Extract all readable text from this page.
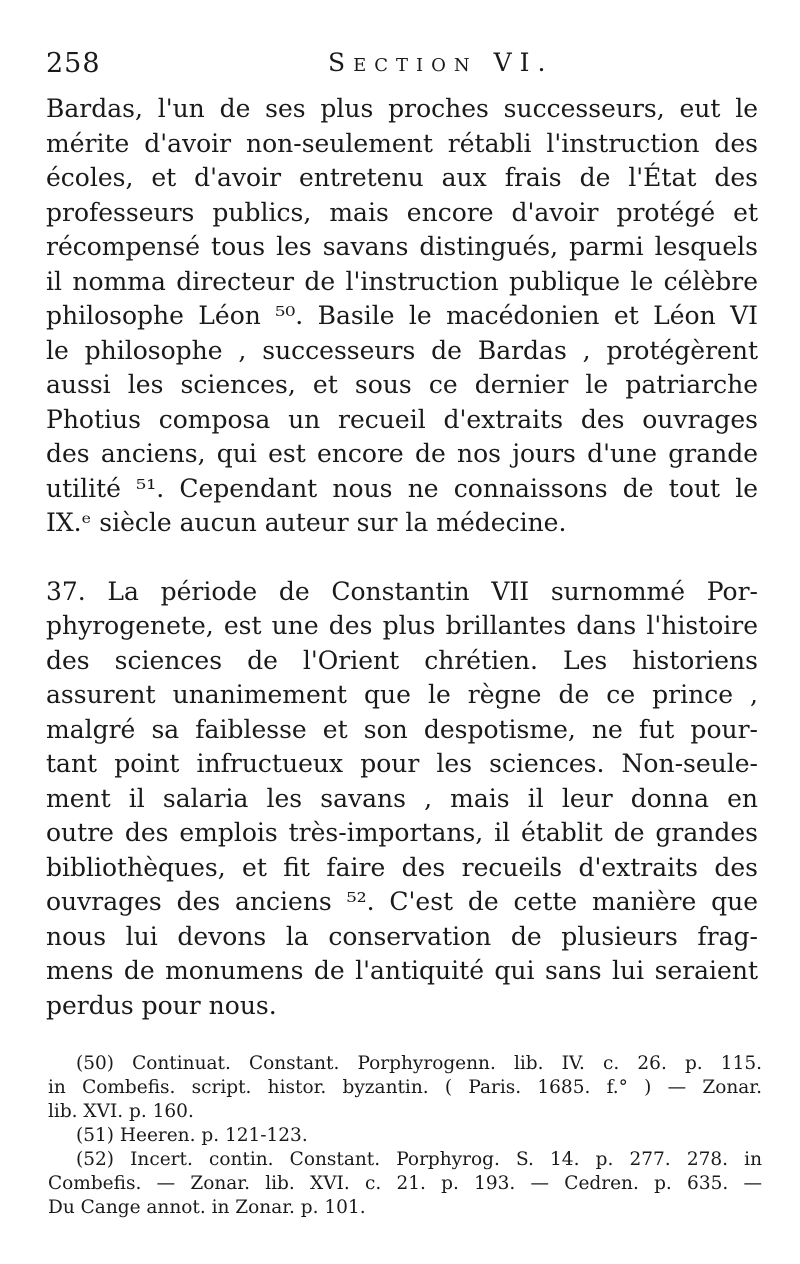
258	Section VI.
Bardas, l'un de ses plus proches successeurs, eut le
mérite d'avoir non-seulement rétabli l'instruction des
écoles, et d'avoir entretenu aux frais de l'État des
professeurs publics, mais encore d'avoir protégé et
récompensé tous les savans distingués, parmi lesquels
il nomma directeur de l'instruction publique le célèbre
philosophe Léon ⁵⁰. Basile le macédonien et Léon VI
le philosophe , successeurs de Bardas , protégèrent
aussi les sciences, et sous ce dernier le patriarche
Photius composa un recueil d'extraits des ouvrages
des anciens, qui est encore de nos jours d'une grande
utilité ⁵¹. Cependant nous ne connaissons de tout le
IX.ᵉ siècle aucun auteur sur la médecine.
37. La période de Constantin VII surnommé Por-
phyrogenete, est une des plus brillantes dans l'histoire
des sciences de l'Orient chrétien. Les historiens
assurent unanimement que le règne de ce prince ,
malgré sa faiblesse et son despotisme, ne fut pour-
tant point infructueux pour les sciences. Non-seule-
ment il salaria les savans , mais il leur donna en
outre des emplois très-importans, il établit de grandes
bibliothèques, et fit faire des recueils d'extraits des
ouvrages des anciens ⁵². C'est de cette manière que
nous lui devons la conservation de plusieurs frag-
mens de monumens de l'antiquité qui sans lui seraient
perdus pour nous.
(50) Continuat. Constant. Porphyrogenn. lib. IV. c. 26. p. 115.
in Combefis. script. histor. byzantin. ( Paris. 1685. f.° ) — Zonar.
lib. XVI. p. 160.
(51) Heeren. p. 121-123.
(52) Incert. contin. Constant. Porphyrog. S. 14. p. 277. 278. in
Combefis. — Zonar. lib. XVI. c. 21. p. 193. — Cedren. p. 635. —
Du Cange annot. in Zonar. p. 101.
